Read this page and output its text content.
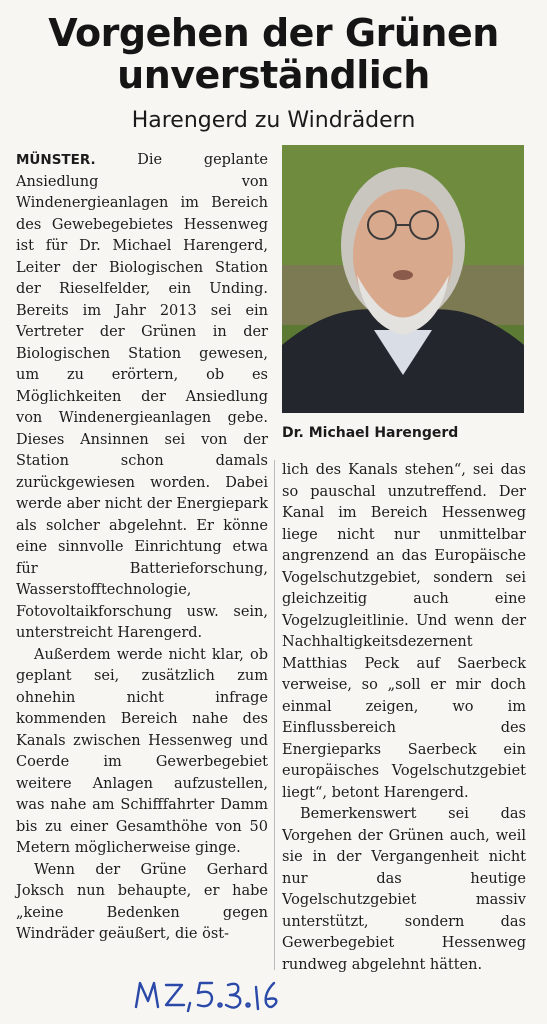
Vorgehen der Grünen
unverständlich
Harengerd zu Windrädern

MÜNSTER.	Die geplante Ansiedlung von Windenergieanlagen im Bereich des Gewebegebietes Hessenweg ist für Dr. Michael Harengerd, Leiter der Biologischen Station der Rieselfelder, ein Unding. Bereits im Jahr 2013 sei ein Vertreter der Grünen in der Biologischen Station gewesen, um zu erörtern, ob es Möglichkeiten der Ansiedlung von Windenergieanlagen gebe. Dieses Ansinnen sei von der Station schon damals zurückgewiesen worden. Dabei werde aber nicht der Energiepark als solcher abgelehnt. Er könne eine sinnvolle Einrichtung etwa für Batterieforschung, Wasserstofftechnologie, Fotovoltaikforschung usw. sein, unterstreicht Harengerd.

Außerdem werde nicht klar, ob geplant sei, zusätzlich zum ohnehin nicht infrage kommenden Bereich nahe des Kanals zwischen Hessenweg und Coerde im Gewerbegebiet weitere Anlagen aufzustellen, was nahe am Schifffahrter Damm bis zu einer Gesamthöhe von 50 Metern möglicherweise ginge.

Wenn der Grüne Gerhard Joksch nun behaupte, er habe „keine Bedenken gegen Windräder geäußert, die öst-

Dr. Michael Harengerd

lich des Kanals stehen“, sei das so pauschal unzutreffend. Der Kanal im Bereich Hessenweg liege nicht nur unmittelbar angrenzend an das Europäische Vogelschutzgebiet, sondern sei gleichzeitig auch eine Vogelzugleitlinie. Und wenn der Nachhaltigkeitsdezernent Matthias Peck auf Saerbeck verweise, so „soll er mir doch einmal zeigen, wo im Einflussbereich des Energieparks Saerbeck ein europäisches Vogelschutzgebiet liegt“, betont Harengerd.

Bemerkenswert sei das Vorgehen der Grünen auch, weil sie in der Vergangenheit nicht nur das heutige Vogelschutzgebiet massiv unterstützt, sondern das Gewerbegebiet Hessenweg rundweg abgelehnt hätten.
